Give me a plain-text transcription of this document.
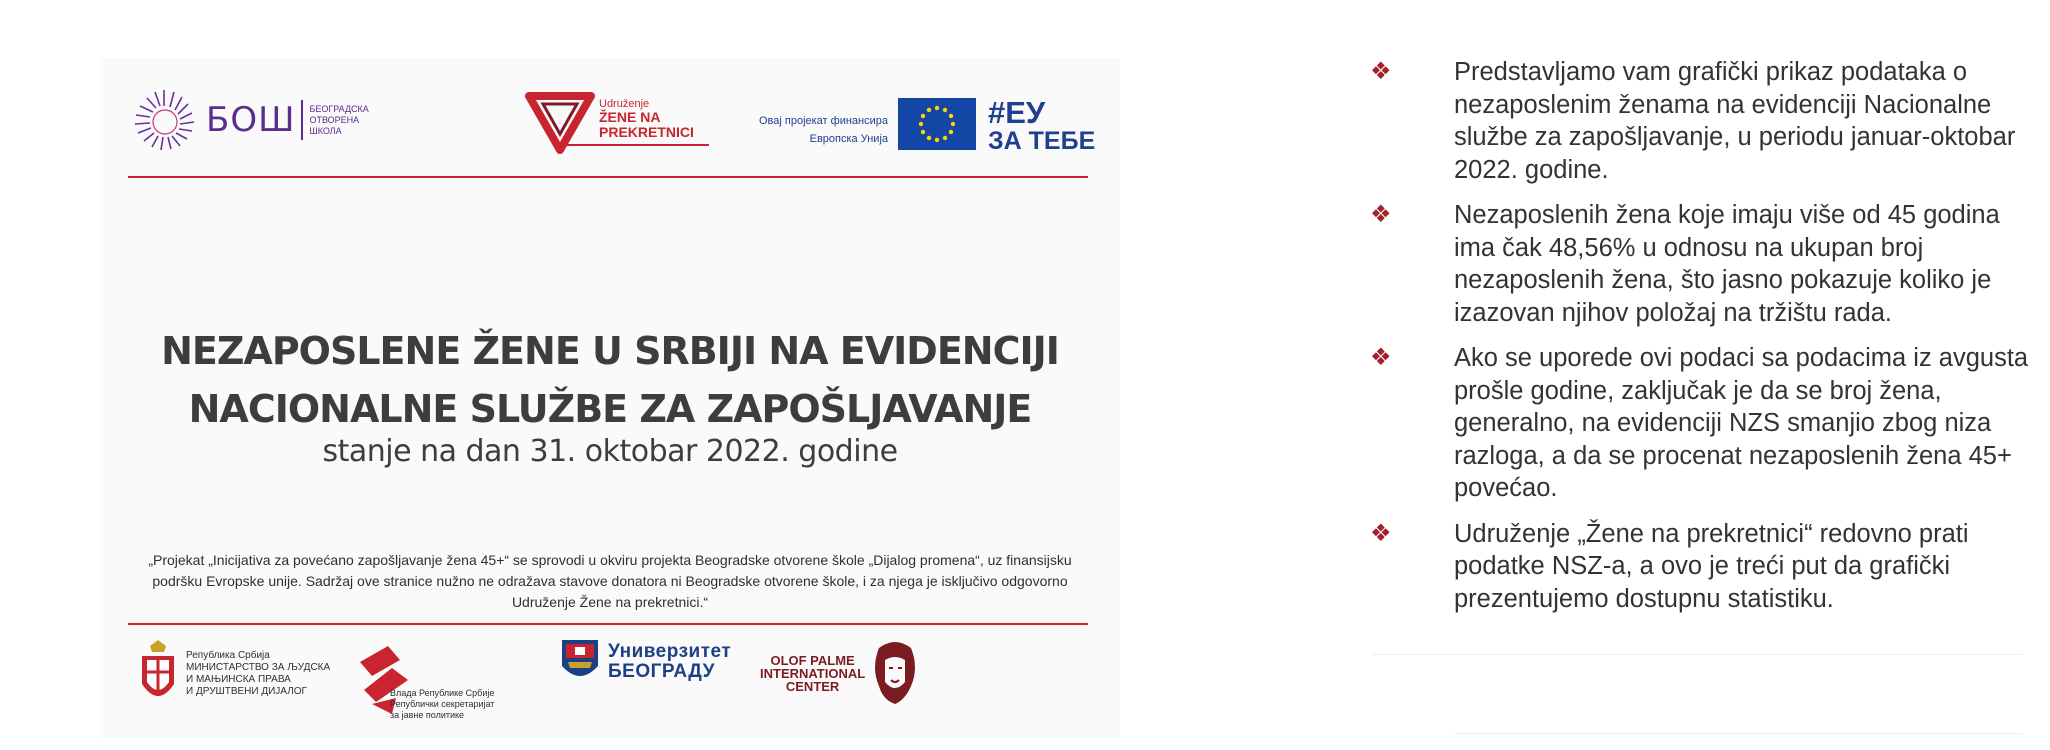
БОШ БЕОГРАДСКА ОТВОРЕНА ШКОЛА
Udruženje
ŽENE NA
PREKRETNICI
Овај пројекат финансира
Европска Унија
#ЕУ
ЗА ТЕБЕ
NEZAPOSLENE ŽENE U SRBIJI NA EVIDENCIJI
NACIONALNE SLUŽBE ZA ZAPOŠLJAVANJE
stanje na dan 31. oktobar 2022. godine
„Projekat „Inicijativa za povećano zapošljavanje žena 45+“ se sprovodi u okviru projekta Beogradske otvorene škole „Dijalog promena“, uz finansijsku podršku Evropske unije. Sadržaj ove stranice nužno ne odražava stavove donatora ni Beogradske otvorene škole, i za njega je isključivo odgovorno Udruženje Žene na prekretnici.“
Република Србија
МИНИСТАРСТВО ЗА ЉУДСКА
И МАЊИНСКА ПРАВА
И ДРУШТВЕНИ ДИЈАЛОГ	Влада Републике Србије
Републички секретаријат
за јавне политике
Универзитет
БЕОГРАДУ
OLOF PALME
INTERNATIONAL
CENTER
❖ Predstavljamo vam grafički prikaz podataka o nezaposlenim ženama na evidenciji Nacionalne službe za zapošljavanje, u periodu januar-oktobar 2022. godine.
❖ Nezaposlenih žena koje imaju više od 45 godina ima čak 48,56% u odnosu na ukupan broj nezaposlenih žena, što jasno pokazuje koliko je izazovan njihov položaj na tržištu rada.
❖ Ako se uporede ovi podaci sa podacima iz avgusta prošle godine, zaključak je da se broj žena, generalno, na evidenciji NZS smanjio zbog niza razloga, a da se procenat nezaposlenih žena 45+ povećao.
❖ Udruženje „Žene na prekretnici“ redovno prati podatke NSZ-a, a ovo je treći put da grafički prezentujemo dostupnu statistiku.
